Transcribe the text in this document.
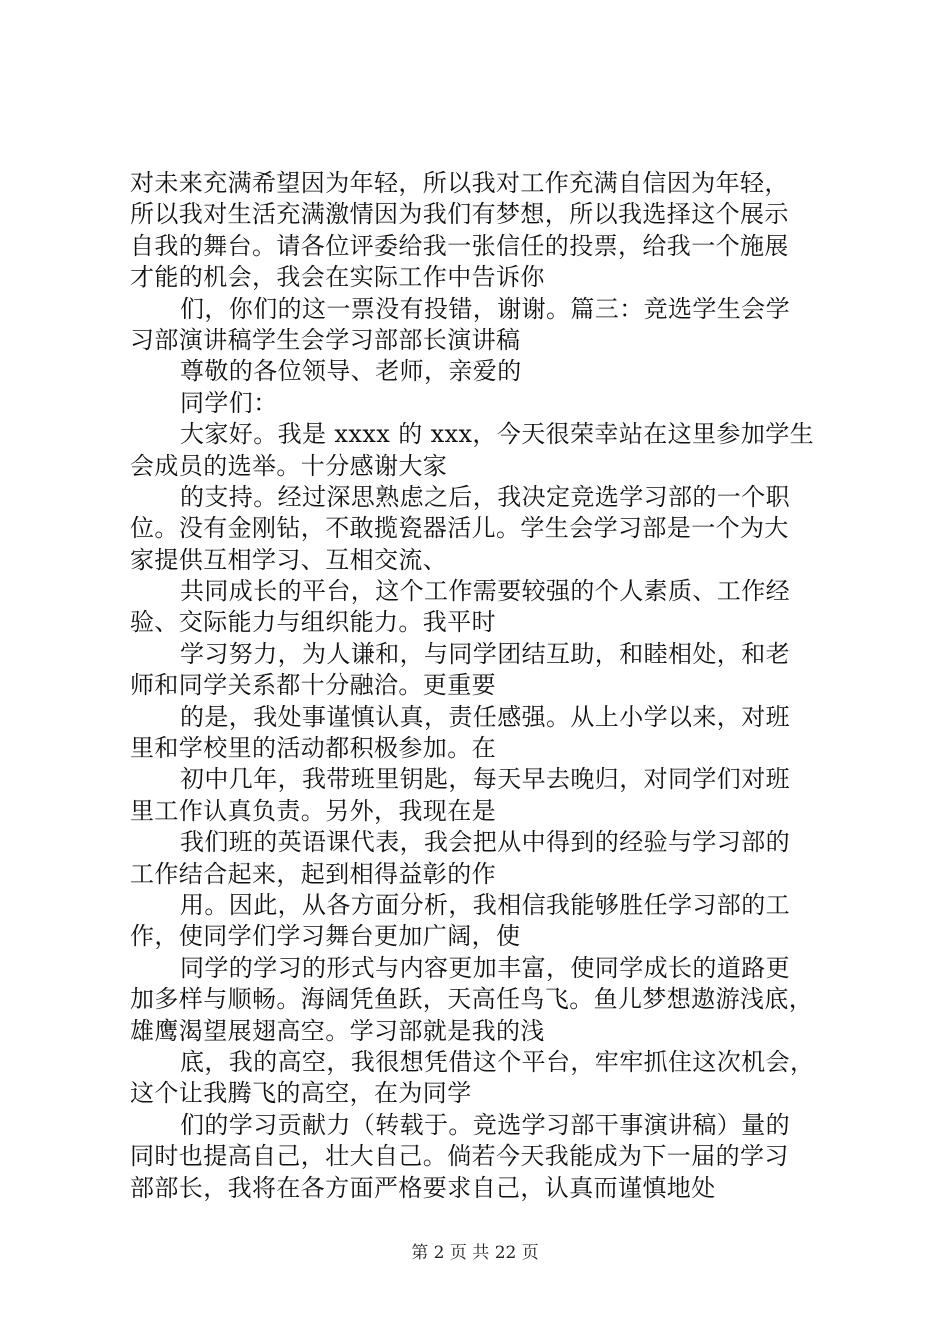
对未来充满希望因为年轻，所以我对工作充满自信因为年轻，
所以我对生活充满激情因为我们有梦想，所以我选择这个展示
自我的舞台。请各位评委给我一张信任的投票，给我一个施展
才能的机会，我会在实际工作中告诉你
们，你们的这一票没有投错，谢谢。篇三：竞选学生会学
习部演讲稿学生会学习部部长演讲稿
尊敬的各位领导、老师，亲爱的
同学们：
大家好。我是 xxxx 的 xxx，今天很荣幸站在这里参加学生
会成员的选举。十分感谢大家
的支持。经过深思熟虑之后，我决定竞选学习部的一个职
位。没有金刚钻，不敢揽瓷器活儿。学生会学习部是一个为大
家提供互相学习、互相交流、
共同成长的平台，这个工作需要较强的个人素质、工作经
验、交际能力与组织能力。我平时
学习努力，为人谦和，与同学团结互助，和睦相处，和老
师和同学关系都十分融洽。更重要
的是，我处事谨慎认真，责任感强。从上小学以来，对班
里和学校里的活动都积极参加。在
初中几年，我带班里钥匙，每天早去晚归，对同学们对班
里工作认真负责。另外，我现在是
我们班的英语课代表，我会把从中得到的经验与学习部的
工作结合起来，起到相得益彰的作
用。因此，从各方面分析，我相信我能够胜任学习部的工
作，使同学们学习舞台更加广阔，使
同学的学习的形式与内容更加丰富，使同学成长的道路更
加多样与顺畅。海阔凭鱼跃，天高任鸟飞。鱼儿梦想遨游浅底，
雄鹰渴望展翅高空。学习部就是我的浅
底，我的高空，我很想凭借这个平台，牢牢抓住这次机会，
这个让我腾飞的高空，在为同学
们的学习贡献力（转载于。竞选学习部干事演讲稿）量的
同时也提高自己，壮大自己。倘若今天我能成为下一届的学习
部部长，我将在各方面严格要求自己，认真而谨慎地处
第 2 页 共 22 页
